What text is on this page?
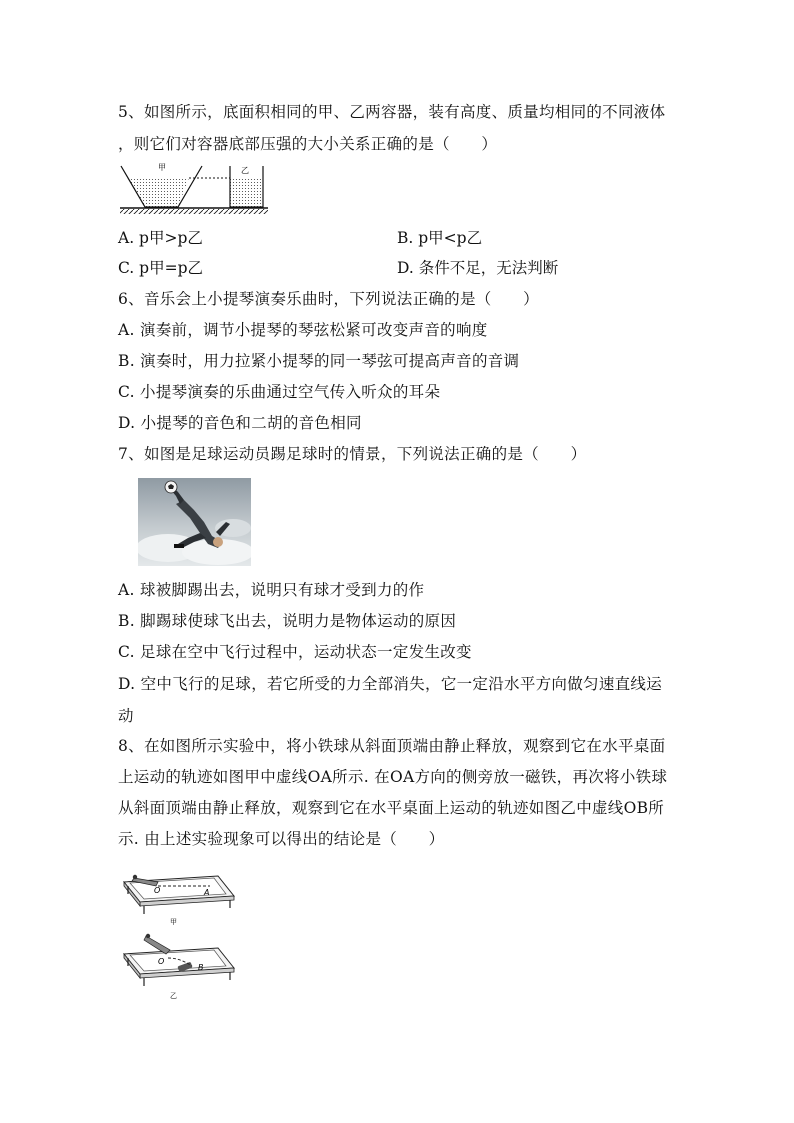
5、如图所示，底面积相同的甲、乙两容器，装有高度、质量均相同的不同液体
，则它们对容器底部压强的大小关系正确的是（　　）
甲	乙
A. p甲>p乙	B. p甲<p乙
C. p甲=p乙	D. 条件不足，无法判断
6、音乐会上小提琴演奏乐曲时，下列说法正确的是（　　）
A. 演奏前，调节小提琴的琴弦松紧可改变声音的响度
B. 演奏时，用力拉紧小提琴的同一琴弦可提高声音的音调
C. 小提琴演奏的乐曲通过空气传入听众的耳朵
D. 小提琴的音色和二胡的音色相同
7、如图是足球运动员踢足球时的情景，下列说法正确的是（　　）
A. 球被脚踢出去，说明只有球才受到力的作
B. 脚踢球使球飞出去，说明力是物体运动的原因
C. 足球在空中飞行过程中，运动状态一定发生改变
D. 空中飞行的足球，若它所受的力全部消失，它一定沿水平方向做匀速直线运
动
8、在如图所示实验中，将小铁球从斜面顶端由静止释放，观察到它在水平桌面
上运动的轨迹如图甲中虚线OA所示. 在OA方向的侧旁放一磁铁，再次将小铁球
从斜面顶端由静止释放，观察到它在水平桌面上运动的轨迹如图乙中虚线OB所
示. 由上述实验现象可以得出的结论是（　　）
O	A
甲
O
B
乙
